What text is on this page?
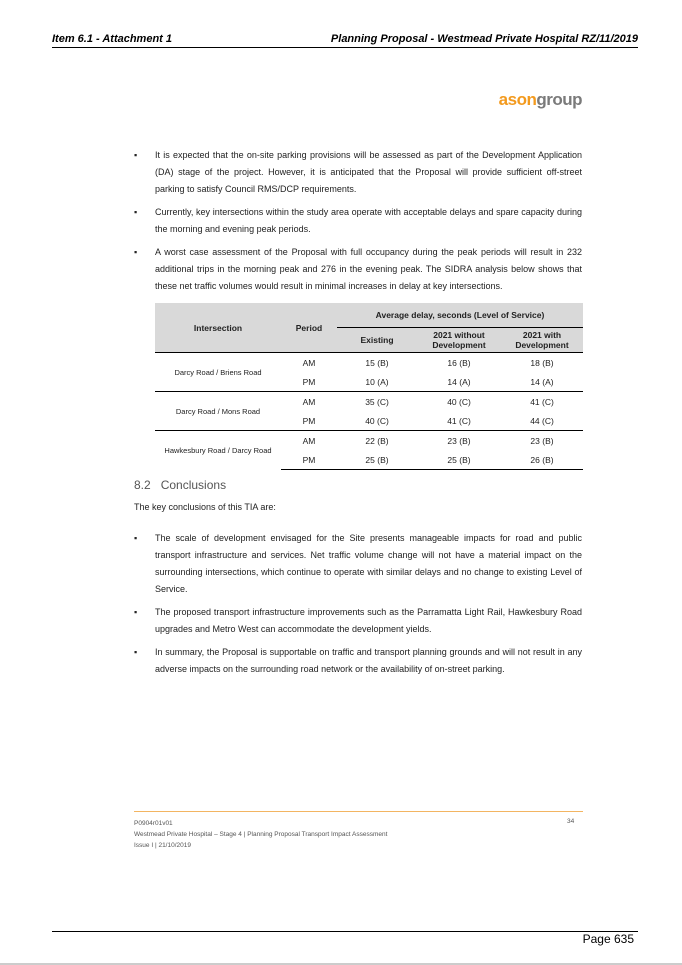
Item 6.1 - Attachment 1	Planning Proposal - Westmead Private Hospital RZ/11/2019
asongroup
▪ It is expected that the on-site parking provisions will be assessed as part of the Development Application (DA) stage of the project. However, it is anticipated that the Proposal will provide sufficient off-street parking to satisfy Council RMS/DCP requirements.
▪ Currently, key intersections within the study area operate with acceptable delays and spare capacity during the morning and evening peak periods.
▪ A worst case assessment of the Proposal with full occupancy during the peak periods will result in 232 additional trips in the morning peak and 276 in the evening peak. The SIDRA analysis below shows that these net traffic volumes would result in minimal increases in delay at key intersections.
Intersection	Period	Average delay, seconds (Level of Service)		
		Existing	2021 without Development	2021 with Development
Darcy Road / Briens Road	AM	15 (B)	16 (B)	18 (B)
	PM	10 (A)	14 (A)	14 (A)
Darcy Road / Mons Road	AM	35 (C)	40 (C)	41 (C)
	PM	40 (C)	41 (C)	44 (C)
Hawkesbury Road / Darcy Road	AM	22 (B)	23 (B)	23 (B)
	PM	25 (B)	25 (B)	26 (B)
8.2 Conclusions
The key conclusions of this TIA are:
▪ The scale of development envisaged for the Site presents manageable impacts for road and public transport infrastructure and services. Net traffic volume change will not have a material impact on the surrounding intersections, which continue to operate with similar delays and no change to existing Level of Service.
▪ The proposed transport infrastructure improvements such as the Parramatta Light Rail, Hawkesbury Road upgrades and Metro West can accommodate the development yields.
▪ In summary, the Proposal is supportable on traffic and transport planning grounds and will not result in any adverse impacts on the surrounding road network or the availability of on-street parking.
P0904r01v01
Westmead Private Hospital – Stage 4 | Planning Proposal Transport Impact Assessment
Issue I | 21/10/2019
34
Page 635
